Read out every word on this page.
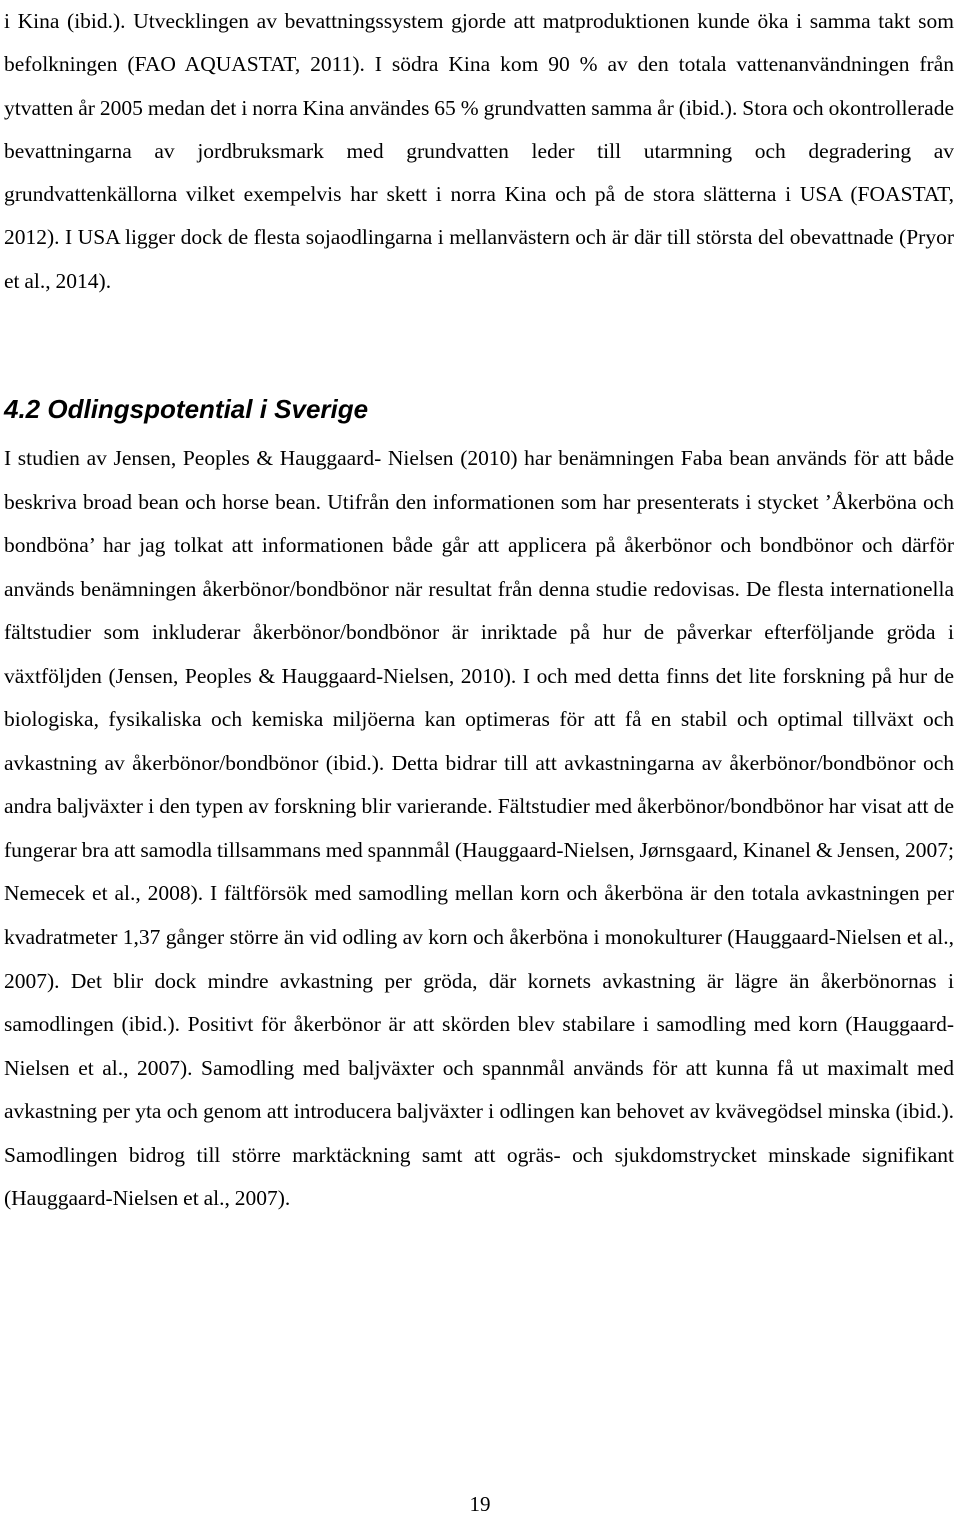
i Kina (ibid.). Utvecklingen av bevattningssystem gjorde att matproduktionen kunde öka i samma takt som befolkningen (FAO AQUASTAT, 2011). I södra Kina kom 90 % av den totala vattenanvändningen från ytvatten år 2005 medan det i norra Kina användes 65 % grundvatten samma år (ibid.). Stora och okontrollerade bevattningarna av jordbruksmark med grundvatten leder till utarmning och degradering av grundvattenkällorna vilket exempelvis har skett i norra Kina och på de stora slätterna i USA (FOASTAT, 2012). I USA ligger dock de flesta sojaodlingarna i mellanvästern och är där till största del obevattnade (Pryor et al., 2014).

4.2 Odlingspotential i Sverige

I studien av Jensen, Peoples & Hauggaard- Nielsen (2010) har benämningen Faba bean används för att både beskriva broad bean och horse bean. Utifrån den informationen som har presenterats i stycket ’Åkerböna och bondböna’ har jag tolkat att informationen både går att applicera på åkerbönor och bondbönor och därför används benämningen åkerbönor/bondbönor när resultat från denna studie redovisas. De flesta internationella fältstudier som inkluderar åkerbönor/bondbönor är inriktade på hur de påverkar efterföljande gröda i växtföljden (Jensen, Peoples & Hauggaard-Nielsen, 2010). I och med detta finns det lite forskning på hur de biologiska, fysikaliska och kemiska miljöerna kan optimeras för att få en stabil och optimal tillväxt och avkastning av åkerbönor/bondbönor (ibid.). Detta bidrar till att avkastningarna av åkerbönor/bondbönor och andra baljväxter i den typen av forskning blir varierande. Fältstudier med åkerbönor/bondbönor har visat att de fungerar bra att samodla tillsammans med spannmål (Hauggaard-Nielsen, Jørnsgaard, Kinanel & Jensen, 2007; Nemecek et al., 2008). I fältförsök med samodling mellan korn och åkerböna är den totala avkastningen per kvadratmeter 1,37 gånger större än vid odling av korn och åkerböna i monokulturer (Hauggaard-Nielsen et al., 2007). Det blir dock mindre avkastning per gröda, där kornets avkastning är lägre än åkerbönornas i samodlingen (ibid.). Positivt för åkerbönor är att skörden blev stabilare i samodling med korn (Hauggaard-Nielsen et al., 2007). Samodling med baljväxter och spannmål används för att kunna få ut maximalt med avkastning per yta och genom att introducera baljväxter i odlingen kan behovet av kvävegödsel minska (ibid.). Samodlingen bidrog till större marktäckning samt att ogräs- och sjukdomstrycket minskade signifikant (Hauggaard-Nielsen et al., 2007).

19
